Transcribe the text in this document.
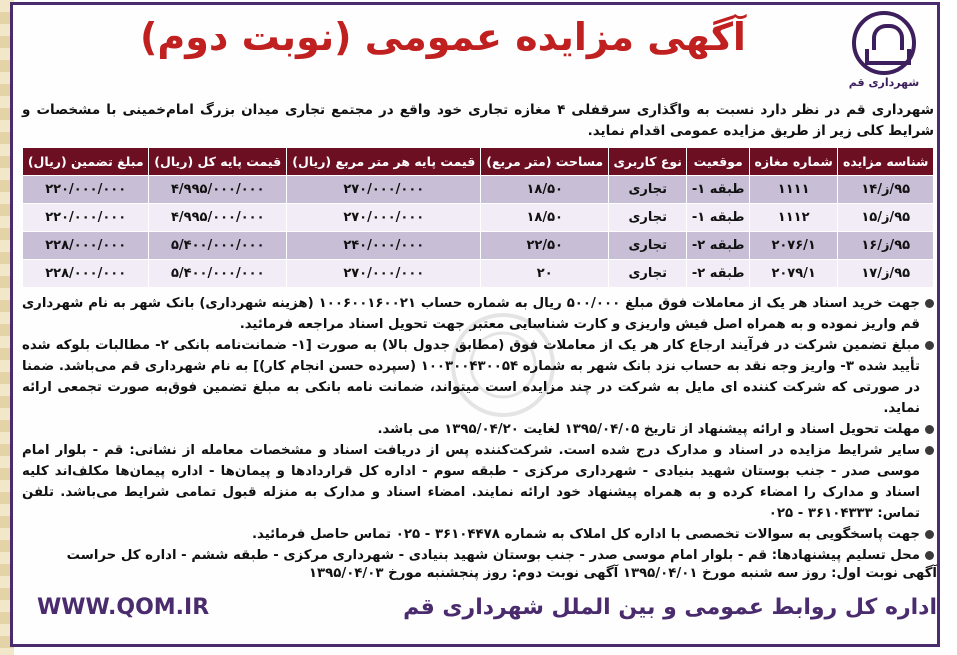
شهرداری قم
آگهی مزایده عمومی (نوبت دوم)
شهرداری قم در نظر دارد نسبت به واگذاری سرقفلی ۴ مغازه تجاری خود واقع در مجتمع تجاری میدان بزرگ امام‌خمینی با مشخصات و شرایط کلی زیر از طریق مزایده عمومی اقدام نماید.
شناسه مزایده	شماره مغازه	موقعیت	نوع کاربری	مساحت (متر مربع)	قیمت پایه هر متر مربع (ریال)	قیمت پایه کل (ریال)	مبلغ تضمین (ریال)
۹۵/ز/۱۴	۱۱۱۱	طبقه ۱-	تجاری	۱۸/۵۰	۲۷۰/۰۰۰/۰۰۰	۴/۹۹۵/۰۰۰/۰۰۰	۲۲۰/۰۰۰/۰۰۰
۹۵/ز/۱۵	۱۱۱۲	طبقه ۱-	تجاری	۱۸/۵۰	۲۷۰/۰۰۰/۰۰۰	۴/۹۹۵/۰۰۰/۰۰۰	۲۲۰/۰۰۰/۰۰۰
۹۵/ز/۱۶	۲۰۷۶/۱	طبقه ۲-	تجاری	۲۲/۵۰	۲۴۰/۰۰۰/۰۰۰	۵/۴۰۰/۰۰۰/۰۰۰	۲۲۸/۰۰۰/۰۰۰
۹۵/ز/۱۷	۲۰۷۹/۱	طبقه ۲-	تجاری	۲۰	۲۷۰/۰۰۰/۰۰۰	۵/۴۰۰/۰۰۰/۰۰۰	۲۲۸/۰۰۰/۰۰۰

جهت خرید اسناد هر یک از معاملات فوق مبلغ ۵۰۰/۰۰۰ ریال به شماره حساب ۱۰۰۶۰۰۱۶۰۰۲۱ (هزینه شهرداری) بانک شهر به نام شهرداری قم واریز نموده و به همراه اصل فیش واریزی و کارت شناسایی معتبر جهت تحویل اسناد مراجعه فرمائید.

مبلغ تضمین شرکت در فرآیند ارجاع کار هر یک از معاملات فوق (مطابق جدول بالا) به صورت [۱- ضمانت‌نامه بانکی ۲- مطالبات بلوکه شده تأیید شده ۳- واریز وجه نقد به حساب نزد بانک شهر به شماره ۱۰۰۳۰۰۴۳۰۰۵۴ (سپرده حسن انجام کار)] به نام شهرداری قم می‌باشد. ضمنا در صورتی که شرکت کننده ای مایل به شرکت در چند مزایده است میتواند، ضمانت نامه بانکی به مبلغ تضمین فوق‌به صورت تجمعی ارائه نماید.

مهلت تحویل اسناد و ارائه پیشنهاد از تاریخ ۱۳۹۵/۰۴/۰۵ لغایت ۱۳۹۵/۰۴/۲۰ می باشد.

سایر شرایط مزایده در اسناد و مدارک درج شده است. شرکت‌کننده پس از دریافت اسناد و مشخصات معامله از نشانی: قم - بلوار امام موسی صدر - جنب بوستان شهید بنیادی - شهرداری مرکزی - طبقه سوم - اداره کل قراردادها و پیمان‌ها - اداره پیمان‌ها مکلف‌اند کلیه اسناد و مدارک را امضاء کرده و به همراه پیشنهاد خود ارائه نمایند. امضاء اسناد و مدارک به منزله قبول تمامی شرایط می‌باشد. تلفن تماس: ۳۶۱۰۴۳۳۳ - ۰۲۵

جهت پاسخگویی به سوالات تخصصی با اداره کل املاک به شماره ۳۶۱۰۴۴۷۸ - ۰۲۵ تماس حاصل فرمائید.

محل تسلیم پیشنهادها: قم - بلوار امام موسی صدر - جنب بوستان شهید بنیادی - شهرداری مرکزی - طبقه ششم - اداره کل حراست

آگهی نوبت اول: روز سه شنبه مورخ ۱۳۹۵/۰۴/۰۱ آگهی نوبت دوم: روز پنجشنبه مورخ ۱۳۹۵/۰۴/۰۳
اداره کل روابط عمومی و بین الملل شهرداری قم
WWW.QOM.IR
